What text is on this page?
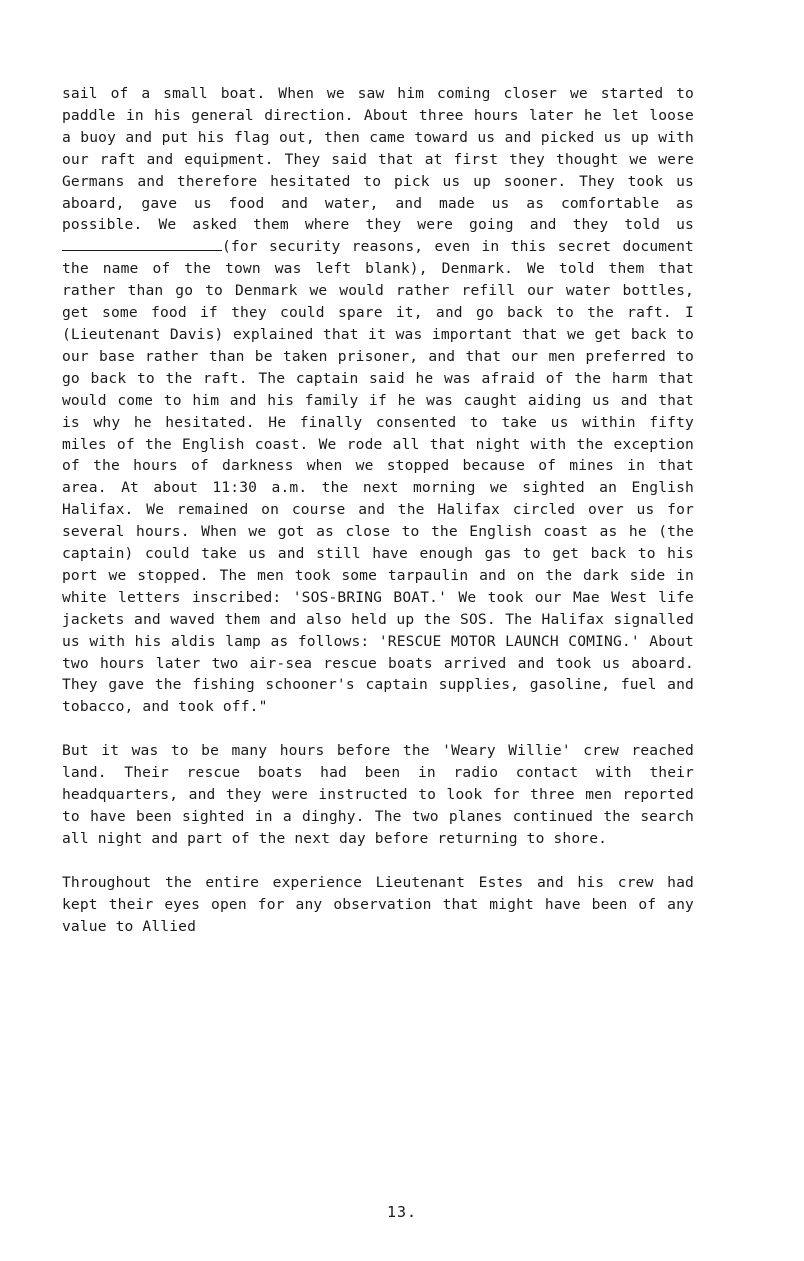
sail of a small boat. When we saw him coming closer we started to paddle in his general direction. About three hours later he let loose a buoy and put his flag out, then came toward us and picked us up with our raft and equipment. They said that at first they thought we were Germans and therefore hesitated to pick us up sooner. They took us aboard, gave us food and water, and made us as comfortable as possible. We asked them where they were going and they told us (for security reasons, even in this secret document the name of the town was left blank), Denmark. We told them that rather than go to Denmark we would rather refill our water bottles, get some food if they could spare it, and go back to the raft. I (Lieutenant Davis) explained that it was important that we get back to our base rather than be taken prisoner, and that our men preferred to go back to the raft. The captain said he was afraid of the harm that would come to him and his family if he was caught aiding us and that is why he hesitated. He finally consented to take us within fifty miles of the English coast. We rode all that night with the exception of the hours of darkness when we stopped because of mines in that area. At about 11:30 a.m. the next morning we sighted an English Halifax. We remained on course and the Halifax circled over us for several hours. When we got as close to the English coast as he (the captain) could take us and still have enough gas to get back to his port we stopped. The men took some tarpaulin and on the dark side in white letters inscribed: 'SOS-BRING BOAT.' We took our Mae West life jackets and waved them and also held up the SOS. The Halifax signalled us with his aldis lamp as follows: 'RESCUE MOTOR LAUNCH COMING.' About two hours later two air-sea rescue boats arrived and took us aboard. They gave the fishing schooner's captain supplies, gasoline, fuel and tobacco, and took off."

But it was to be many hours before the 'Weary Willie' crew reached land. Their rescue boats had been in radio contact with their headquarters, and they were instructed to look for three men reported to have been sighted in a dinghy. The two planes continued the search all night and part of the next day before returning to shore.

Throughout the entire experience Lieutenant Estes and his crew had kept their eyes open for any observation that might have been of any value to Allied

13.
